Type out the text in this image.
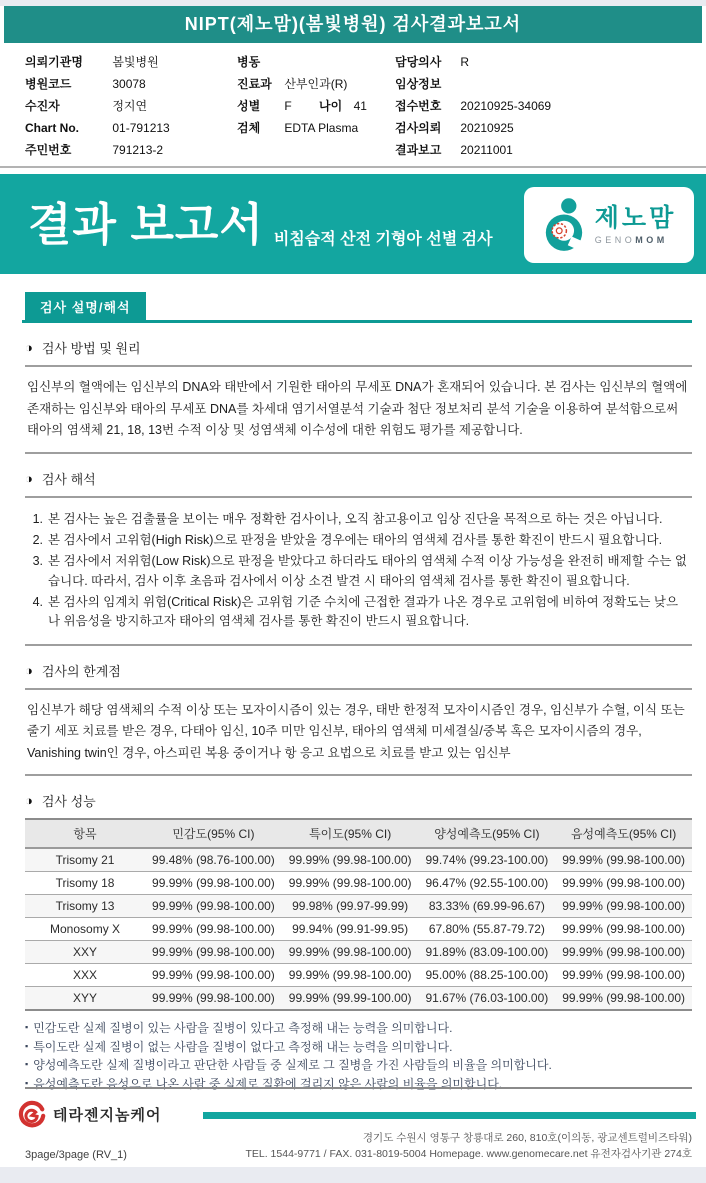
NIPT(제노맘)(봄빛병원) 검사결과보고서
의뢰기관명 봄빛병원
병원코드	30078
수진자	정지연
Chart No.	01-791213
주민번호	791213-2
병동
진료과 산부인과(R)
성별 F 나이 41
검체 EDTA Plasma
담당의사 R
임상정보
접수번호 20210925-34069
검사의뢰 20210925
결과보고 20211001
결과 보고서 비침습적 산전 기형아 선별 검사
제노맘
GENOMOM
검사 설명/해석
◑ 검사 방법 및 원리
임신부의 혈액에는 임신부의 DNA와 태반에서 기원한 태아의 무세포 DNA가 혼재되어 있습니다. 본 검사는 임신부의 혈액에 존재하는 임신부와 태아의 무세포 DNA를 차세대 염기서열분석 기술과 첨단 정보처리 분석 기술을 이용하여 분석함으로써 태아의 염색체 21, 18, 13번 수적 이상 및 성염색체 이수성에 대한 위험도 평가를 제공합니다.
◑ 검사 해석
1. 본 검사는 높은 검출률을 보이는 매우 정확한 검사이나, 오직 참고용이고 임상 진단을 목적으로 하는 것은 아닙니다.
2. 본 검사에서 고위험(High Risk)으로 판정을 받았을 경우에는 태아의 염색체 검사를 통한 확진이 반드시 필요합니다.
3. 본 검사에서 저위험(Low Risk)으로 판정을 받았다고 하더라도 태아의 염색체 수적 이상 가능성을 완전히 배제할 수는 없습니다. 따라서, 검사 이후 초음파 검사에서 이상 소견 발견 시 태아의 염색체 검사를 통한 확진이 필요합니다.
4. 본 검사의 임계치 위험(Critical Risk)은 고위험 기준 수치에 근접한 결과가 나온 경우로 고위험에 비하여 정확도는 낮으나 위음성을 방지하고자 태아의 염색체 검사를 통한 확진이 반드시 필요합니다.
◑ 검사의 한계점
임신부가 해당 염색체의 수적 이상 또는 모자이시즘이 있는 경우, 태반 한정적 모자이시즘인 경우, 임신부가 수혈, 이식 또는 줄기 세포 치료를 받은 경우, 다태아 임신, 10주 미만 임신부, 태아의 염색체 미세결실/중복 혹은 모자이시즘의 경우, Vanishing twin인 경우, 아스피린 복용 중이거나 항 응고 요법으로 치료를 받고 있는 임신부
◑ 검사 성능
항목	민감도(95% CI)	특이도(95% CI)	양성예측도(95% CI)	음성예측도(95% CI)
Trisomy 21	99.48% (98.76-100.00)	99.99% (99.98-100.00)	99.74% (99.23-100.00)	99.99% (99.98-100.00)
Trisomy 18	99.99% (99.98-100.00)	99.99% (99.98-100.00)	96.47% (92.55-100.00)	99.99% (99.98-100.00)
Trisomy 13	99.99% (99.98-100.00)	99.98% (99.97-99.99)	83.33% (69.99-96.67)	99.99% (99.98-100.00)
Monosomy X	99.99% (99.98-100.00)	99.94% (99.91-99.95)	67.80% (55.87-79.72)	99.99% (99.98-100.00)
XXY	99.99% (99.98-100.00)	99.99% (99.98-100.00)	91.89% (83.09-100.00)	99.99% (99.98-100.00)
XXX	99.99% (99.98-100.00)	99.99% (99.98-100.00)	95.00% (88.25-100.00)	99.99% (99.98-100.00)
XYY	99.99% (99.98-100.00)	99.99% (99.99-100.00)	91.67% (76.03-100.00)	99.99% (99.98-100.00)
▪ 민감도란 실제 질병이 있는 사람을 질병이 있다고 측정해 내는 능력을 의미합니다.
▪ 특이도란 실제 질병이 없는 사람을 질병이 없다고 측정해 내는 능력을 의미합니다.
▪ 양성예측도란 실제 질병이라고 판단한 사람들 중 실제로 그 질병을 가진 사람들의 비율을 의미합니다.
▪ 음성예측도란 음성으로 나온 사람 중 실제로 질환에 걸리지 않은 사람의 비율을 의미합니다.
테라젠지놈케어
3page/3page (RV_1)
경기도 수원시 영통구 창룡대로 260, 810호(이의동, 광교센트럴비즈타워)
TEL. 1544-9771 / FAX. 031-8019-5004 Homepage. www.genomecare.net 유전자검사기관 274호
